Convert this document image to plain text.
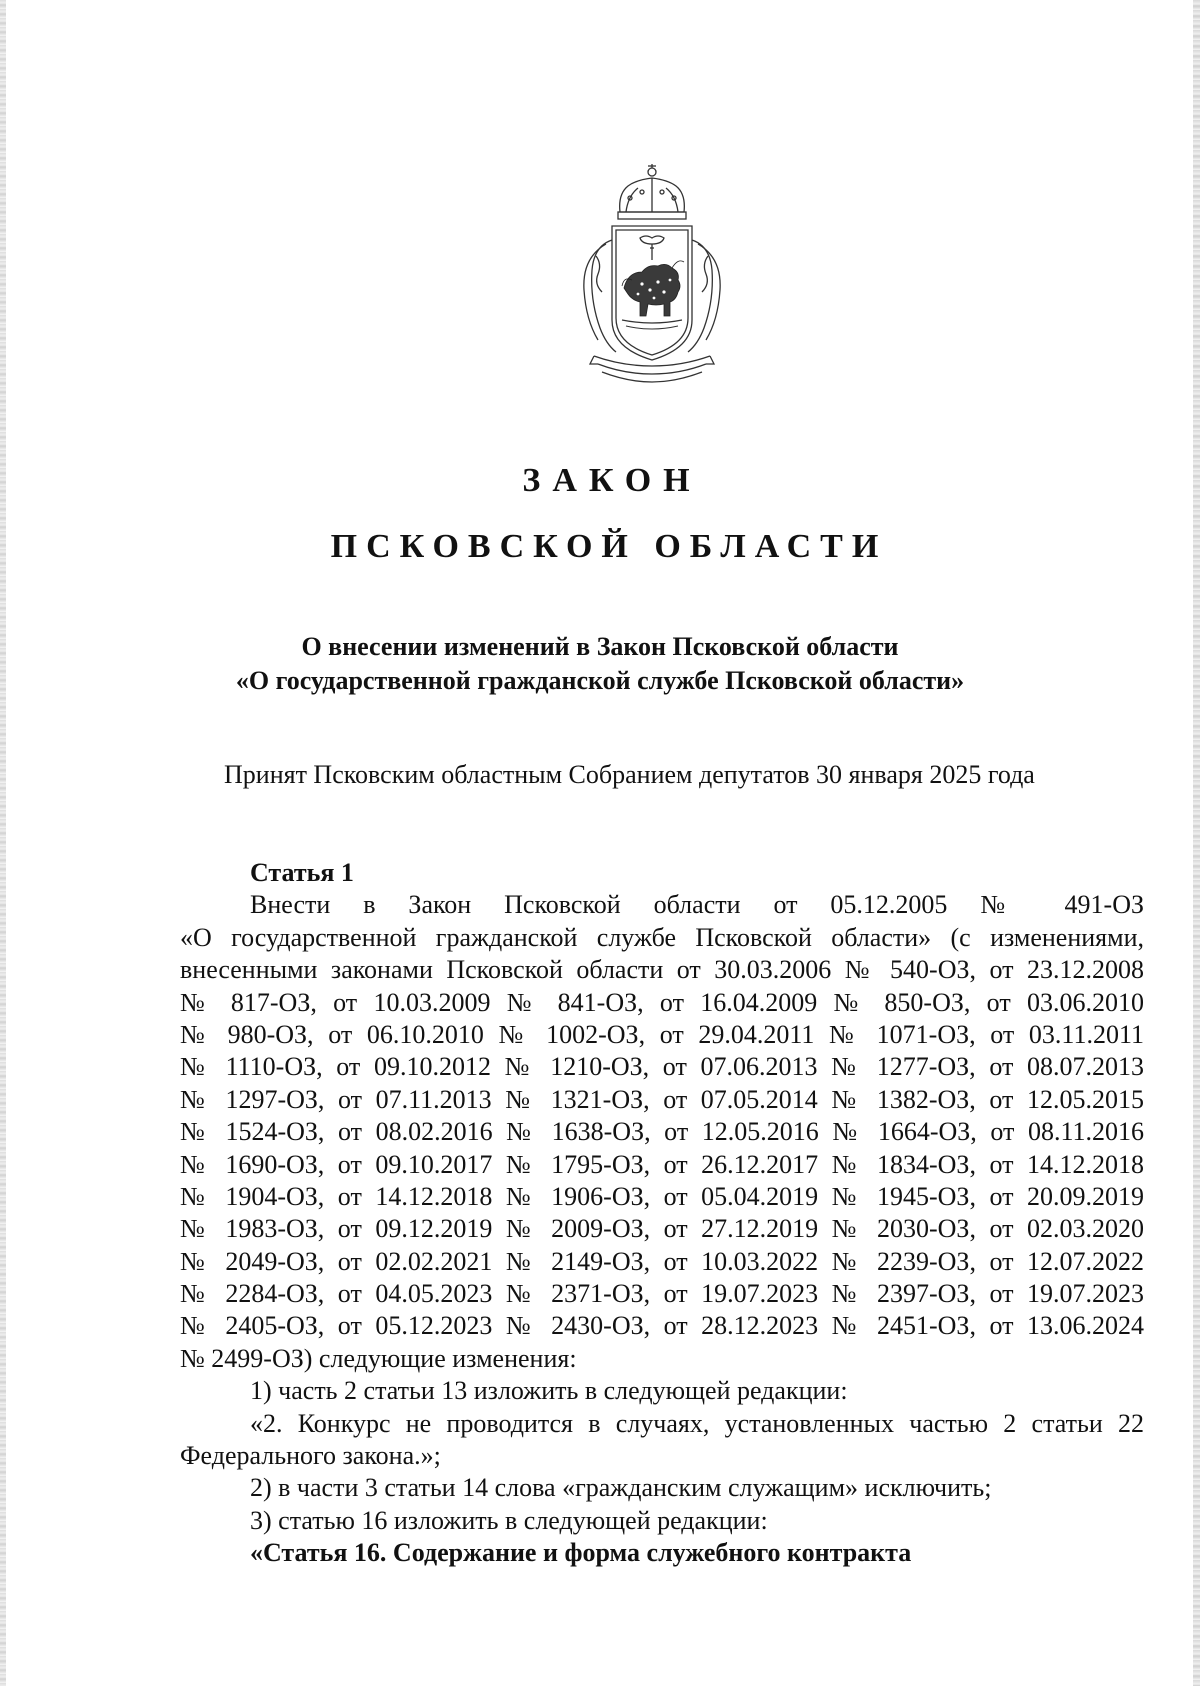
ЗАКОН
ПСКОВСКОЙ ОБЛАСТИ
О внесении изменений в Закон Псковской области
«О государственной гражданской службе Псковской области»
Принят Псковским областным Собранием депутатов 30 января 2025 года
Статья 1
Внести в Закон Псковской области от 05.12.2005 № 491-ОЗ
«О государственной гражданской службе Псковской области» (с изменениями,
внесенными законами Псковской области от 30.03.2006 № 540-ОЗ, от 23.12.2008
№ 817-ОЗ, от 10.03.2009 № 841-ОЗ, от 16.04.2009 № 850-ОЗ, от 03.06.2010
№ 980-ОЗ, от 06.10.2010 № 1002-ОЗ, от 29.04.2011 № 1071-ОЗ, от 03.11.2011
№ 1110-ОЗ, от 09.10.2012 № 1210-ОЗ, от 07.06.2013 № 1277-ОЗ, от 08.07.2013
№ 1297-ОЗ, от 07.11.2013 № 1321-ОЗ, от 07.05.2014 № 1382-ОЗ, от 12.05.2015
№ 1524-ОЗ, от 08.02.2016 № 1638-ОЗ, от 12.05.2016 № 1664-ОЗ, от 08.11.2016
№ 1690-ОЗ, от 09.10.2017 № 1795-ОЗ, от 26.12.2017 № 1834-ОЗ, от 14.12.2018
№ 1904-ОЗ, от 14.12.2018 № 1906-ОЗ, от 05.04.2019 № 1945-ОЗ, от 20.09.2019
№ 1983-ОЗ, от 09.12.2019 № 2009-ОЗ, от 27.12.2019 № 2030-ОЗ, от 02.03.2020
№ 2049-ОЗ, от 02.02.2021 № 2149-ОЗ, от 10.03.2022 № 2239-ОЗ, от 12.07.2022
№ 2284-ОЗ, от 04.05.2023 № 2371-ОЗ, от 19.07.2023 № 2397-ОЗ, от 19.07.2023
№ 2405-ОЗ, от 05.12.2023 № 2430-ОЗ, от 28.12.2023 № 2451-ОЗ, от 13.06.2024
№ 2499-ОЗ) следующие изменения:
1) часть 2 статьи 13 изложить в следующей редакции:
«2. Конкурс не проводится в случаях, установленных частью 2 статьи 22
Федерального закона.»;
2) в части 3 статьи 14 слова «гражданским служащим» исключить;
3) статью 16 изложить в следующей редакции:
«Статья 16. Содержание и форма служебного контракта
